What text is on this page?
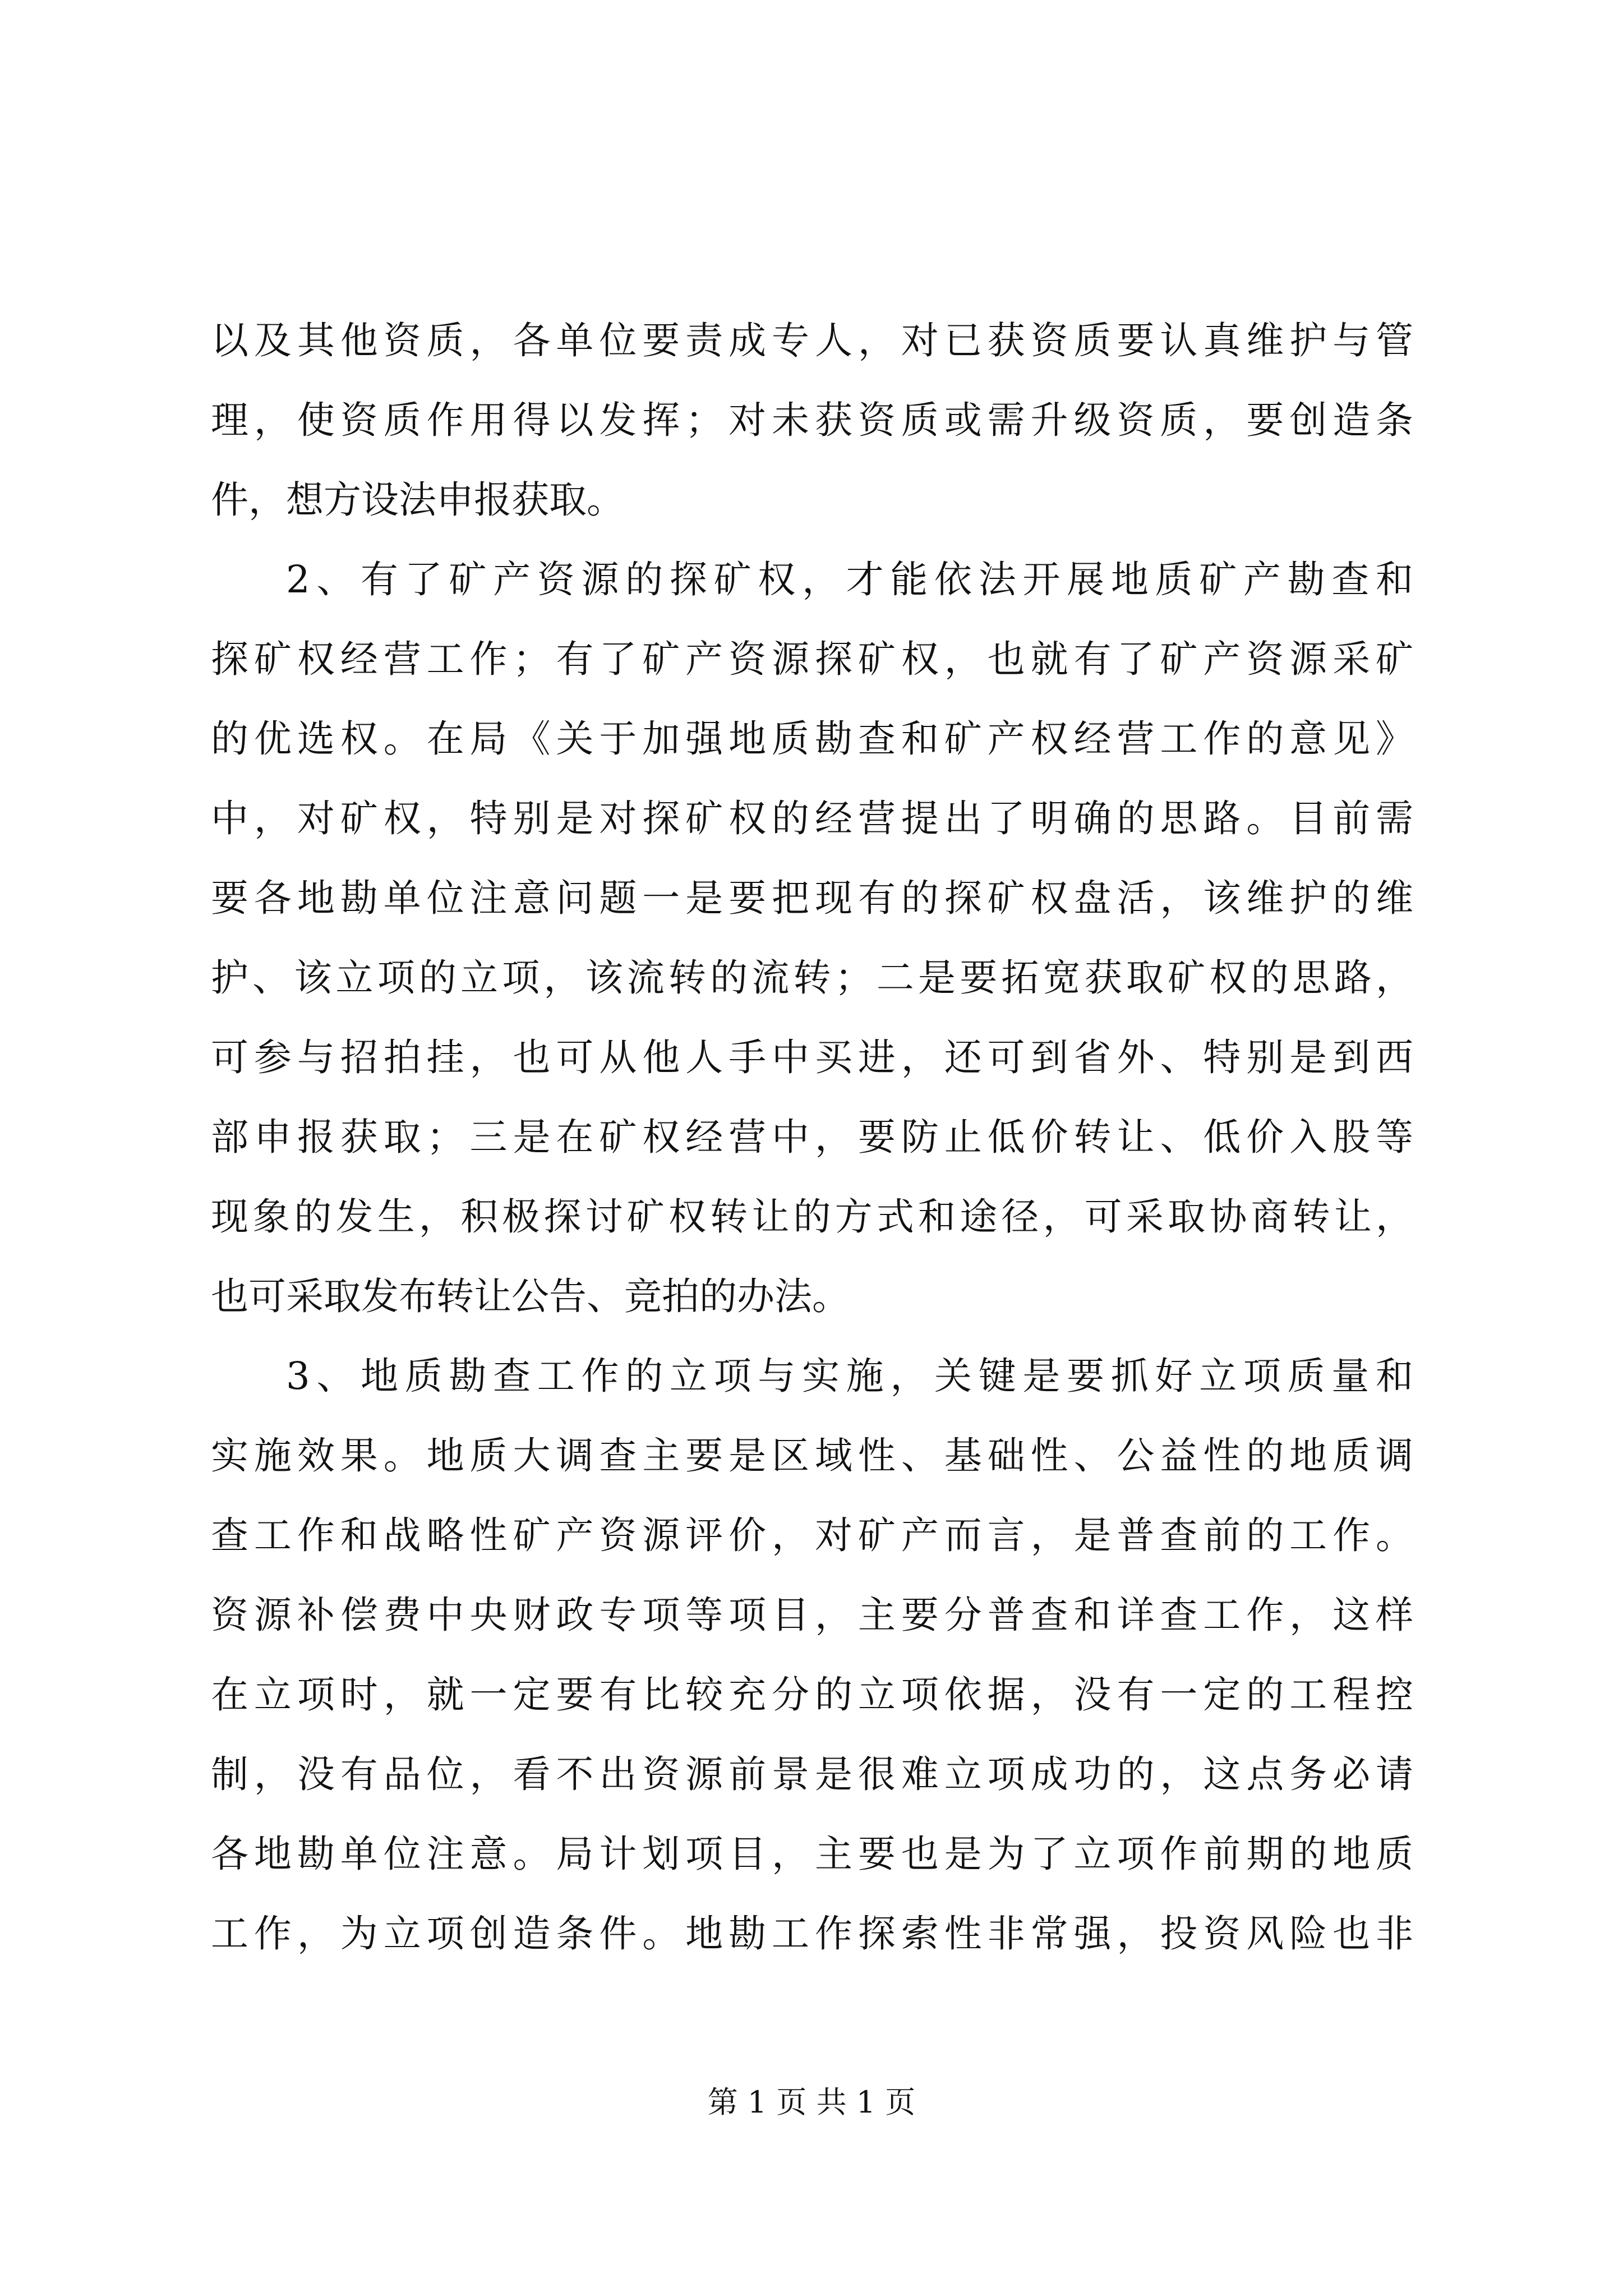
以及其他资质，各单位要责成专人，对已获资质要认真维护与管
理，使资质作用得以发挥；对未获资质或需升级资质，要创造条
件，想方设法申报获取。
2、有了矿产资源的探矿权，才能依法开展地质矿产勘查和
探矿权经营工作；有了矿产资源探矿权，也就有了矿产资源采矿
的优选权。在局《关于加强地质勘查和矿产权经营工作的意见》
中，对矿权，特别是对探矿权的经营提出了明确的思路。目前需
要各地勘单位注意问题一是要把现有的探矿权盘活，该维护的维
护、该立项的立项，该流转的流转；二是要拓宽获取矿权的思路，
可参与招拍挂，也可从他人手中买进，还可到省外、特别是到西
部申报获取；三是在矿权经营中，要防止低价转让、低价入股等
现象的发生，积极探讨矿权转让的方式和途径，可采取协商转让，
也可采取发布转让公告、竞拍的办法。
3、地质勘查工作的立项与实施，关键是要抓好立项质量和
实施效果。地质大调查主要是区域性、基础性、公益性的地质调
查工作和战略性矿产资源评价，对矿产而言，是普查前的工作。
资源补偿费中央财政专项等项目，主要分普查和详查工作，这样
在立项时，就一定要有比较充分的立项依据，没有一定的工程控
制，没有品位，看不出资源前景是很难立项成功的，这点务必请
各地勘单位注意。局计划项目，主要也是为了立项作前期的地质
工作，为立项创造条件。地勘工作探索性非常强，投资风险也非
第 1 页 共 1 页
